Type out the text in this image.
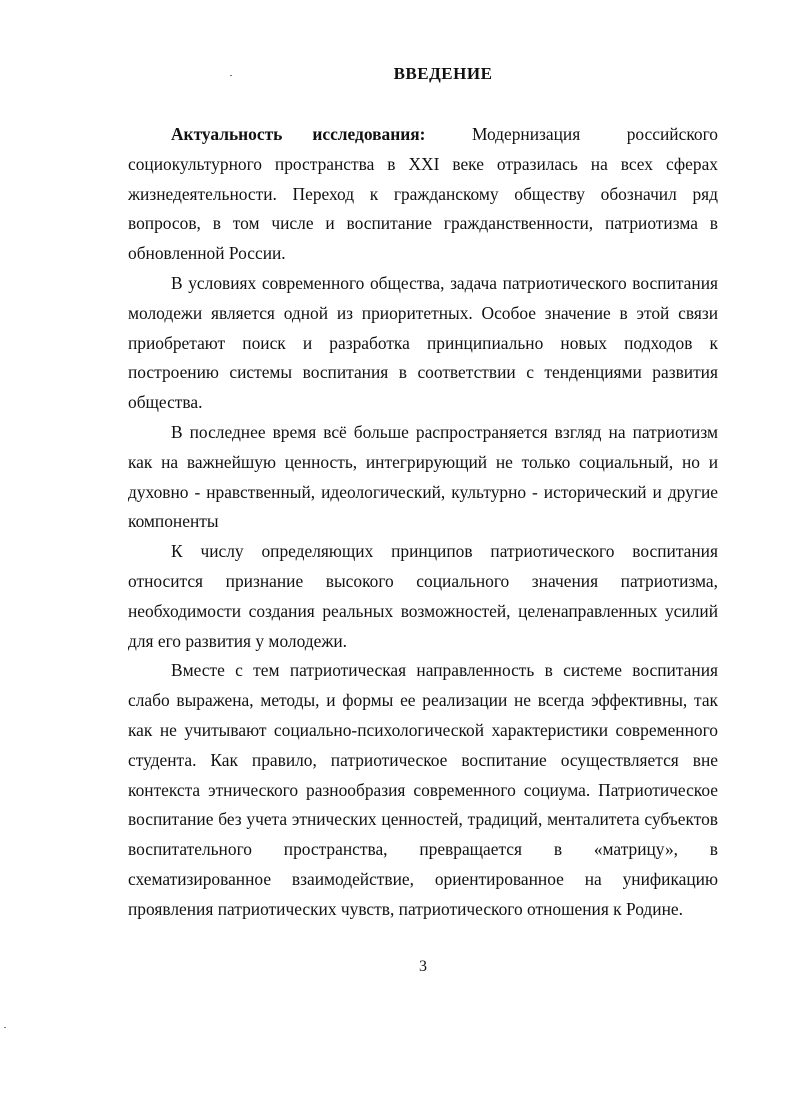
ВВЕДЕНИЕ

Актуальность исследования:	Модернизация российского социокультурного пространства в XXI веке отразилась на всех сферах жизнедеятельности. Переход к гражданскому обществу обозначил ряд вопросов, в том числе и воспитание гражданственности, патриотизма в обновленной России.

В условиях современного общества, задача патриотического воспитания молодежи является одной из приоритетных. Особое значение в этой связи приобретают поиск и разработка принципиально новых подходов к построению системы воспитания в соответствии с тенденциями развития общества.

В последнее время всё больше распространяется взгляд на патриотизм как на важнейшую ценность, интегрирующий не только социальный, но и духовно - нравственный, идеологический, культурно - исторический и другие компоненты

К числу определяющих принципов патриотического воспитания относится признание высокого социального значения патриотизма, необходимости создания реальных возможностей, целенаправленных усилий для его развития у молодежи.

Вместе с тем патриотическая направленность в системе воспитания слабо выражена, методы, и формы ее реализации не всегда эффективны, так как не учитывают социально-психологической характеристики современного студента. Как правило, патриотическое воспитание осуществляется вне контекста этнического разнообразия современного социума. Патриотическое воспитание без учета этнических ценностей, традиций, менталитета субъектов воспитательного пространства, превращается в «матрицу», в схематизированное взаимодействие, ориентированное на унификацию проявления патриотических чувств, патриотического отношения к Родине.

3
